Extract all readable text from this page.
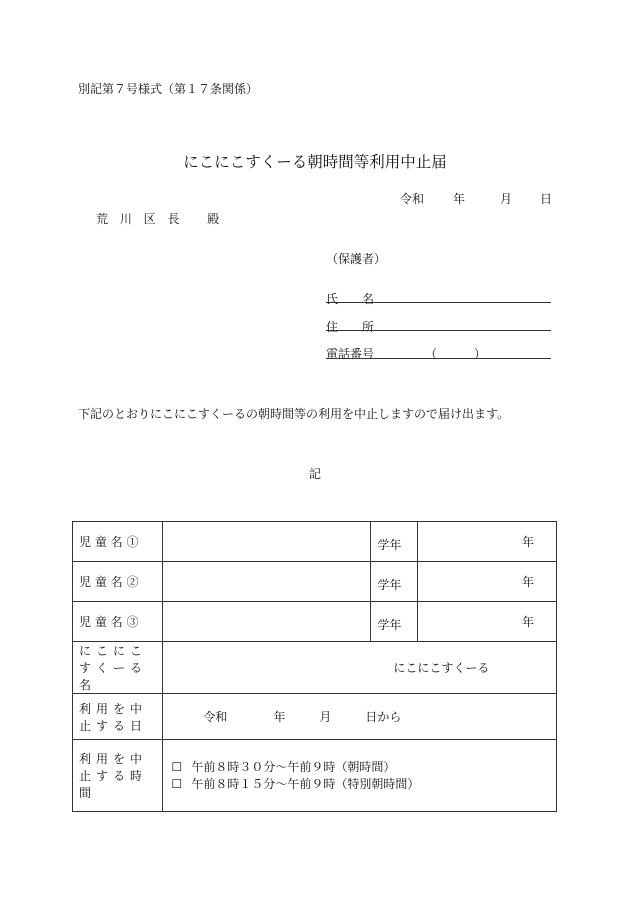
別記第７号様式（第１７条関係）
にこにこすくーる朝時間等利用中止届
令和 年	月 日
荒 川 区 長　 殿
（保護者）
氏　　名
住　　所
電話番号	（	）
下記のとおりにこにこすくーるの朝時間等の利用を中止しますので届け出ます。
記
児 童 名 ①		学年	年
児 童 名 ②		学年	年
児 童 名 ③		学年	年
にこにこすくーる名	にこにこすくーる		
利用を中止する日	令和 年 月 日から		
利用を中止する時間	☐ 午前８時３０分～午前９時（朝時間）
☐ 午前８時１５分～午前９時（特別朝時間）		
